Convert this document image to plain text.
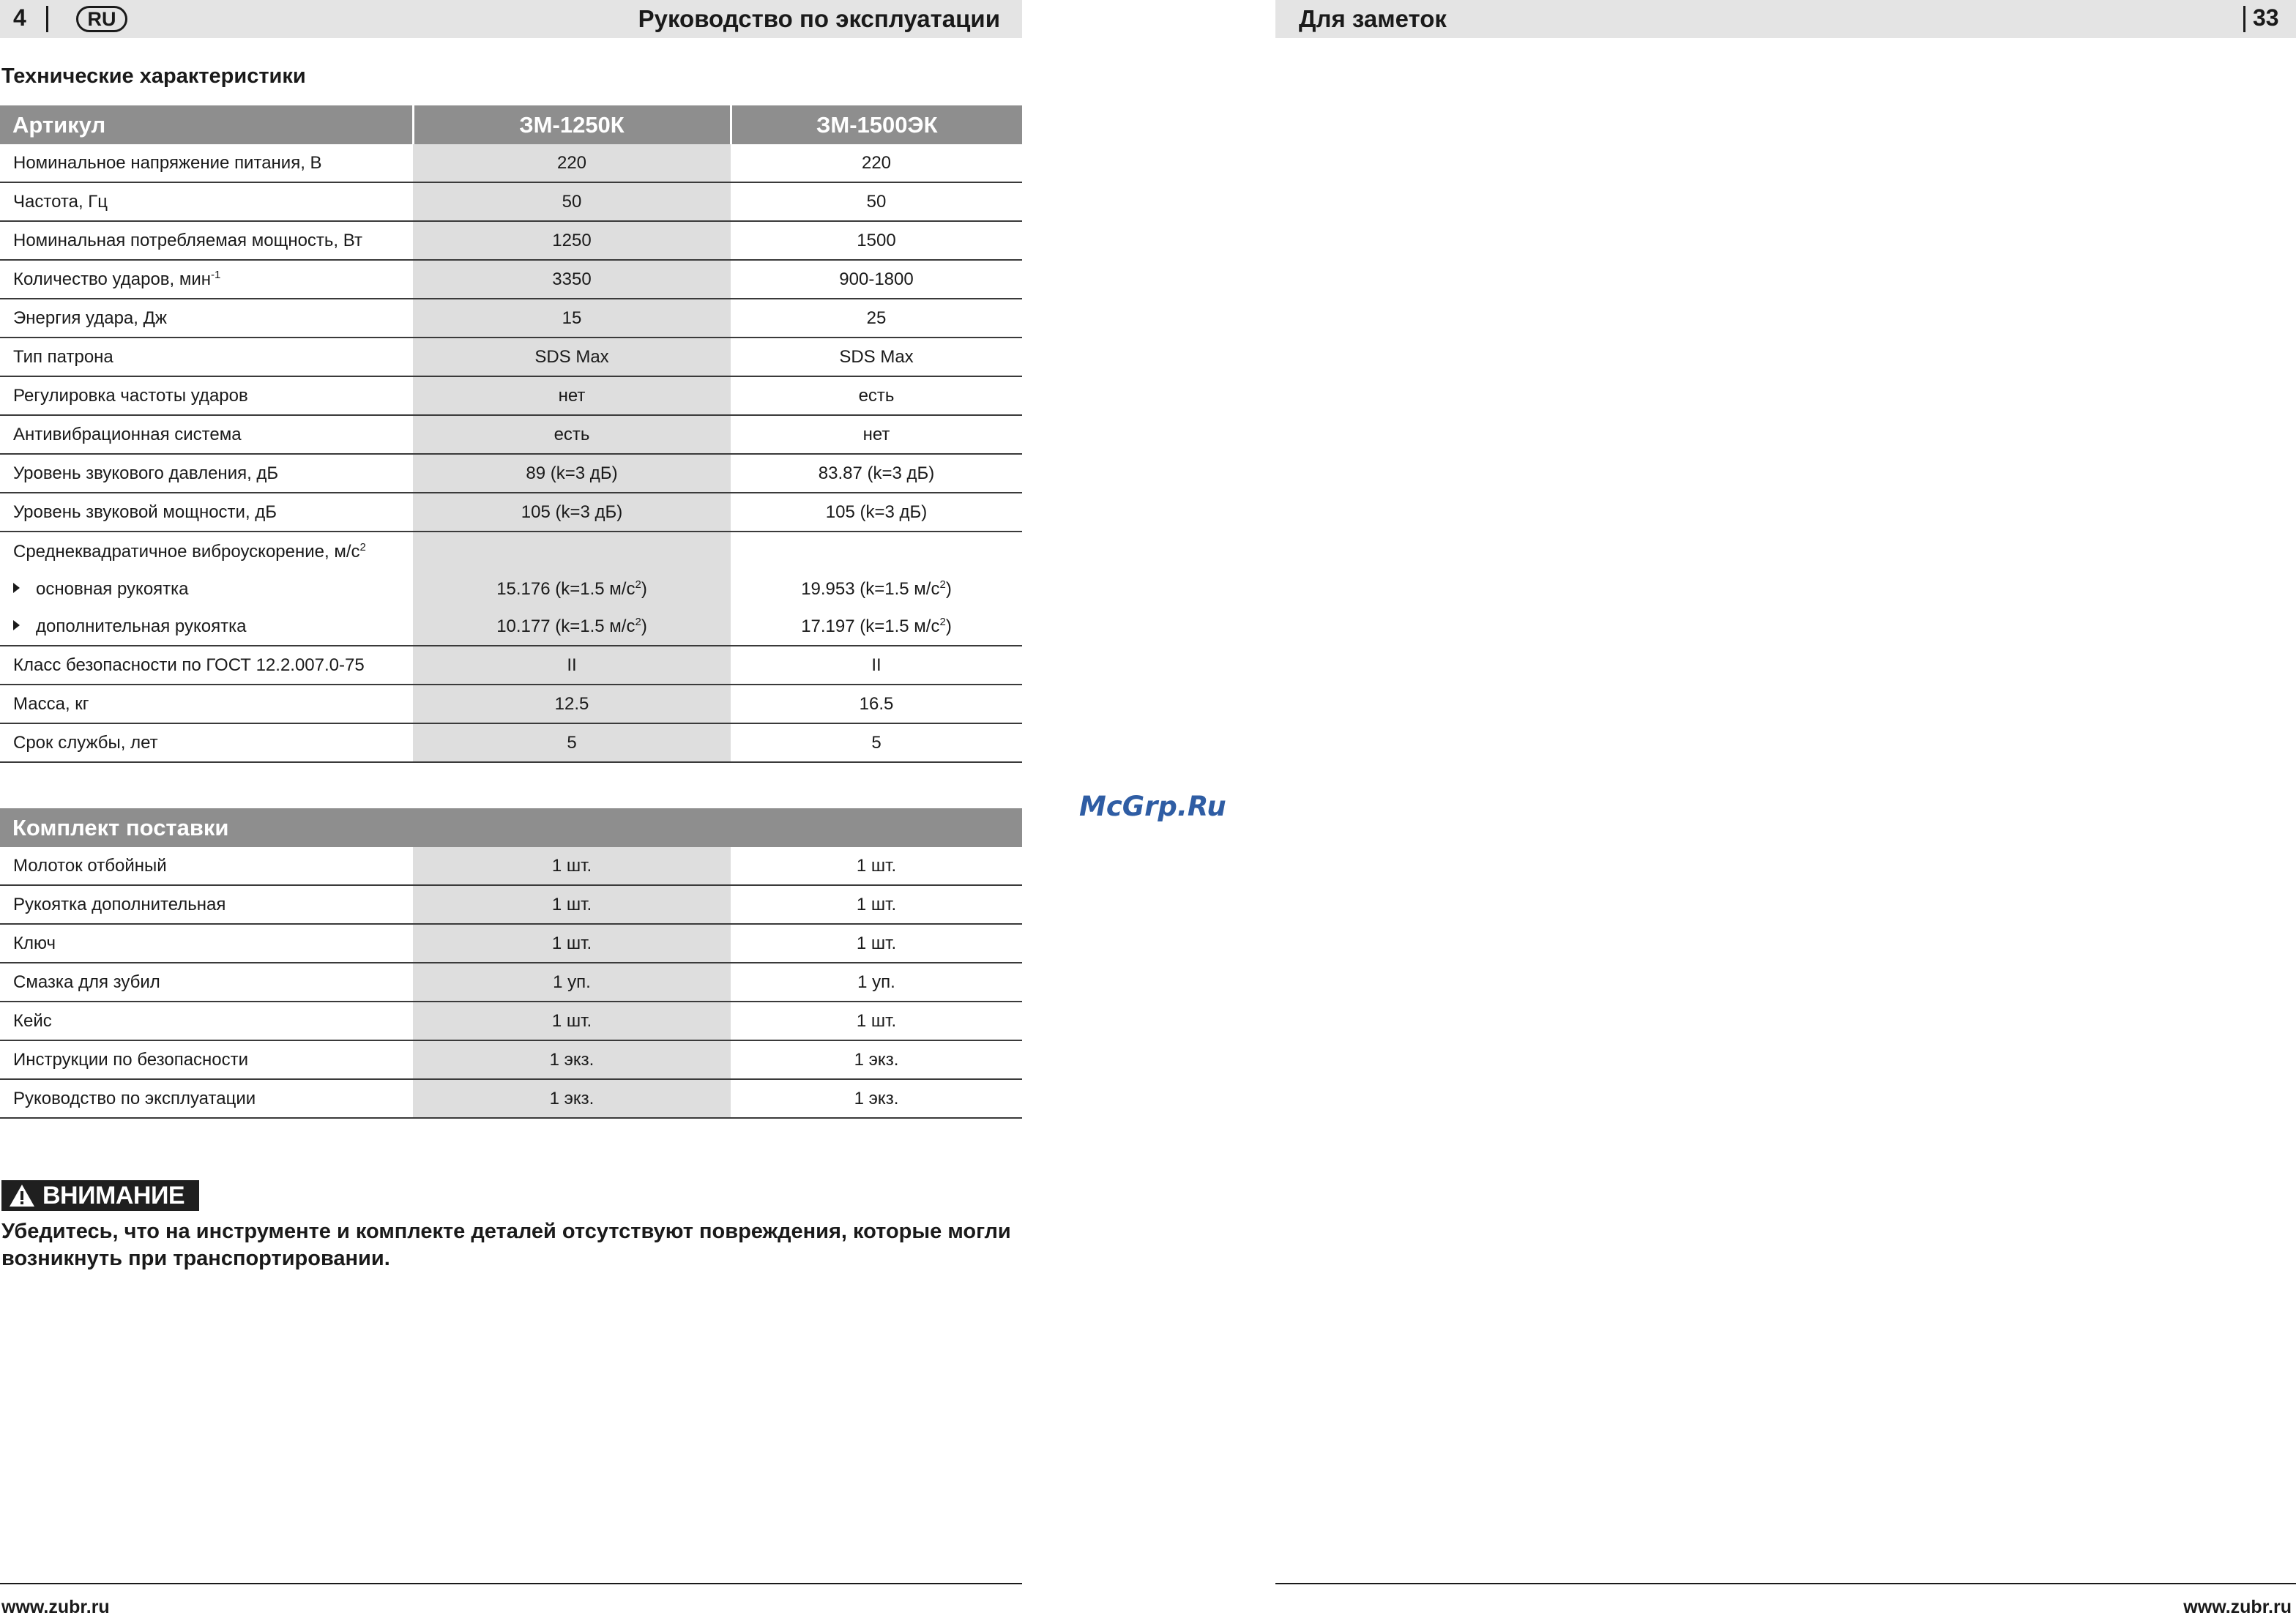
4	RU	Руководство по эксплуатации
Технические характеристики
Артикул	ЗМ-1250К	ЗМ-1500ЭК
Номинальное напряжение питания, В	220	220
Частота, Гц	50	50
Номинальная потребляемая мощность, Вт	1250	1500
Количество ударов, мин$^{-1}$	3350	900-1800
Энергия удара, Дж	15	25
Тип патрона	SDS Max	SDS Max
Регулировка частоты ударов	нет	есть
Антивибрационная система	есть	нет
Уровень звукового давления, дБ	89 (k=3 дБ)	83.87 (k=3 дБ)
Уровень звуковой мощности, дБ	105 (k=3 дБ)	105 (k=3 дБ)
Среднеквадратичное виброускорение, $м/с^2$		
основная рукоятка	15.176 (k=1.5 $м/с^2$)	19.953 (k=1.5 $м/с^2$)
дополнительная рукоятка	10.177 (k=1.5 $м/с^2$)	17.197 (k=1.5 $м/с^2$)
Класс безопасности по ГОСТ 12.2.007.0-75	II	II
Масса, кг	12.5	16.5
Срок службы, лет	5	5
Комплект поставки		
Молоток отбойный	1 шт.	1 шт.
Рукоятка дополнительная	1 шт.	1 шт.
Ключ	1 шт.	1 шт.
Смазка для зубил	1 уп.	1 уп.
Кейс	1 шт.	1 шт.
Инструкции по безопасности	1 экз.	1 экз.
Руководство по эксплуатации	1 экз.	1 экз.
ВНИМАНИЕ
Убедитесь, что на инструменте и комплекте деталей отсутствуют повреждения, которые могли возникнуть при транспортировании.
www.zubr.ru
McGrp.Ru
Для заметок	33
www.zubr.ru
